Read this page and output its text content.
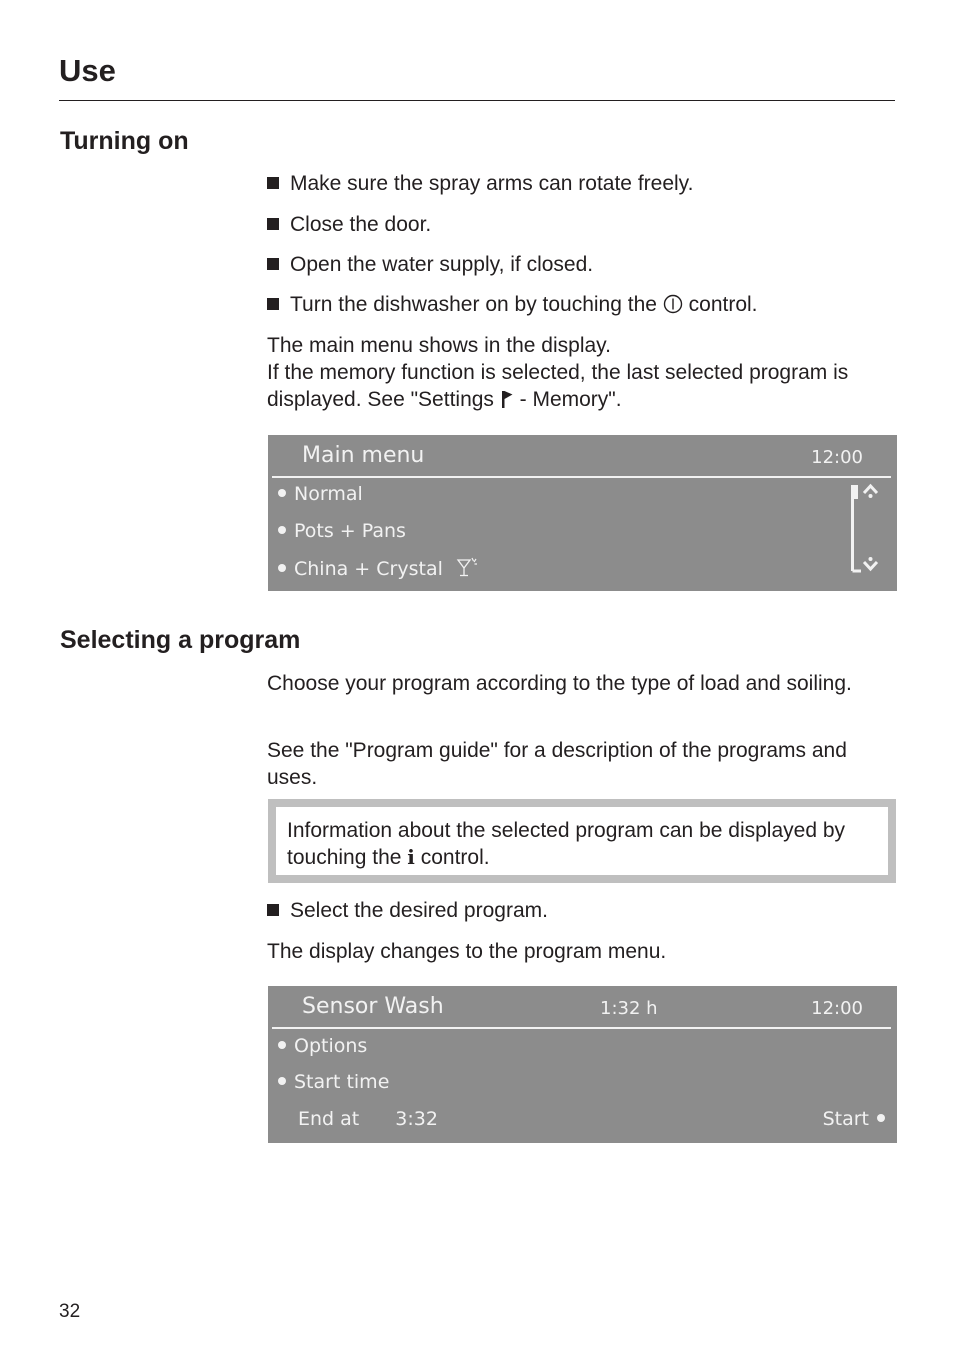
Use
Turning on
Make sure the spray arms can rotate freely.
Close the door.
Open the water supply, if closed.
Turn the dishwasher on by touching the control.

The main menu shows in the display.
If the memory function is selected, the last selected program is displayed. See "Settings - Memory".

Main menu	12:00
Normal
Pots + Pans
China + Crystal
Selecting a program

Choose your program according to the type of load and soiling.

See the "Program guide" for a description of the programs and uses.

Information about the selected program can be displayed by touching the i control.

Select the desired program.

The display changes to the program menu.

Sensor Wash	1:32 h	12:00
Options
Start time
End at 3:32	Start
32
